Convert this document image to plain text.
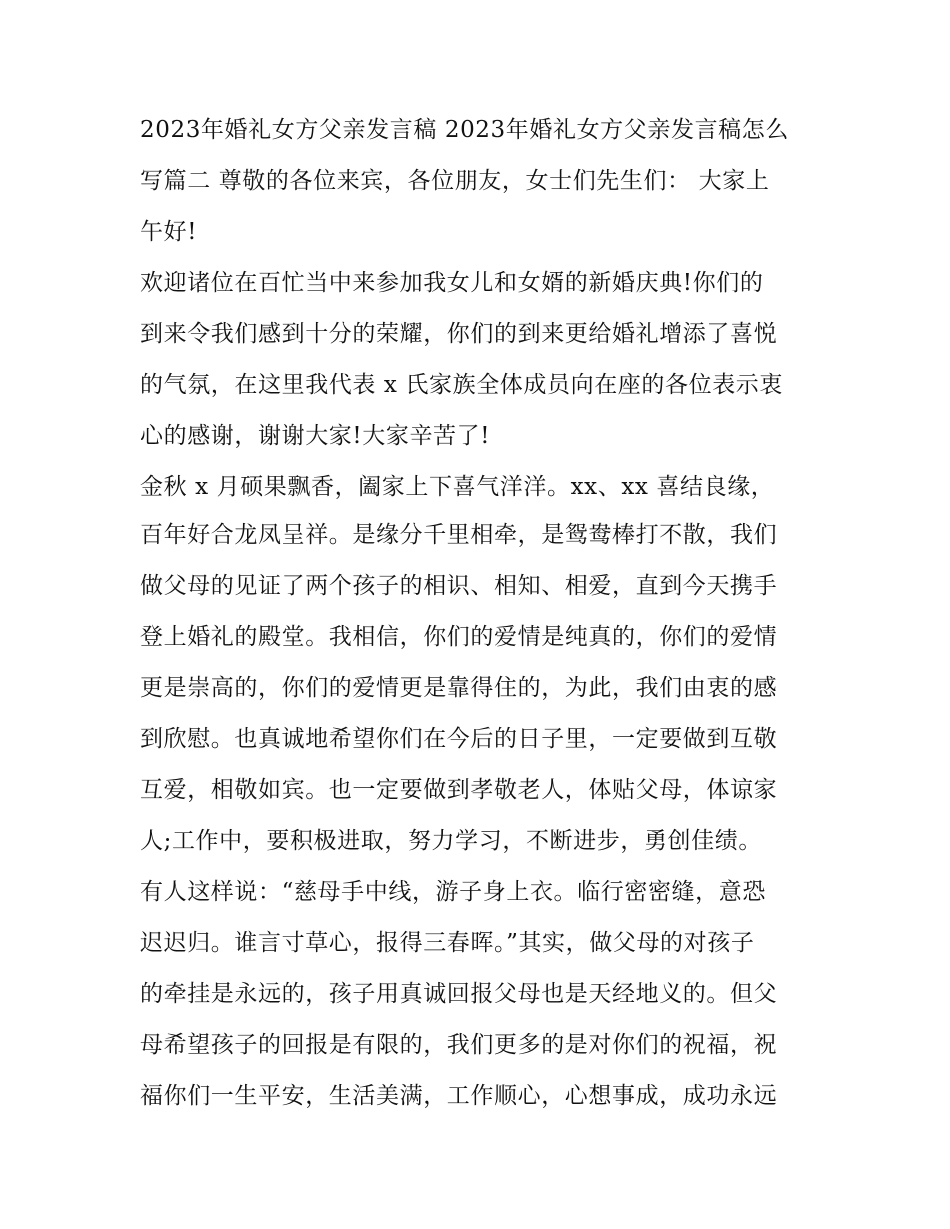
2023年婚礼女方父亲发言稿 2023年婚礼女方父亲发言稿怎么
写篇二 尊敬的各位来宾，各位朋友，女士们先生们： 大家上
午好!
欢迎诸位在百忙当中来参加我女儿和女婿的新婚庆典!你们的
到来令我们感到十分的荣耀，你们的到来更给婚礼增添了喜悦
的气氛，在这里我代表 x 氏家族全体成员向在座的各位表示衷
心的感谢，谢谢大家!大家辛苦了!
金秋 x 月硕果飘香，阖家上下喜气洋洋。xx、xx 喜结良缘，
百年好合龙凤呈祥。是缘分千里相牵，是鸳鸯棒打不散，我们
做父母的见证了两个孩子的相识、相知、相爱，直到今天携手
登上婚礼的殿堂。我相信，你们的爱情是纯真的，你们的爱情
更是崇高的，你们的爱情更是靠得住的，为此，我们由衷的感
到欣慰。也真诚地希望你们在今后的日子里，一定要做到互敬
互爱，相敬如宾。也一定要做到孝敬老人，体贴父母，体谅家
人;工作中，要积极进取，努力学习，不断进步，勇创佳绩。
有人这样说：“慈母手中线，游子身上衣。临行密密缝，意恐
迟迟归。谁言寸草心，报得三春晖。”其实，做父母的对孩子
的牵挂是永远的，孩子用真诚回报父母也是天经地义的。但父
母希望孩子的回报是有限的，我们更多的是对你们的祝福，祝
福你们一生平安，生活美满，工作顺心，心想事成，成功永远
